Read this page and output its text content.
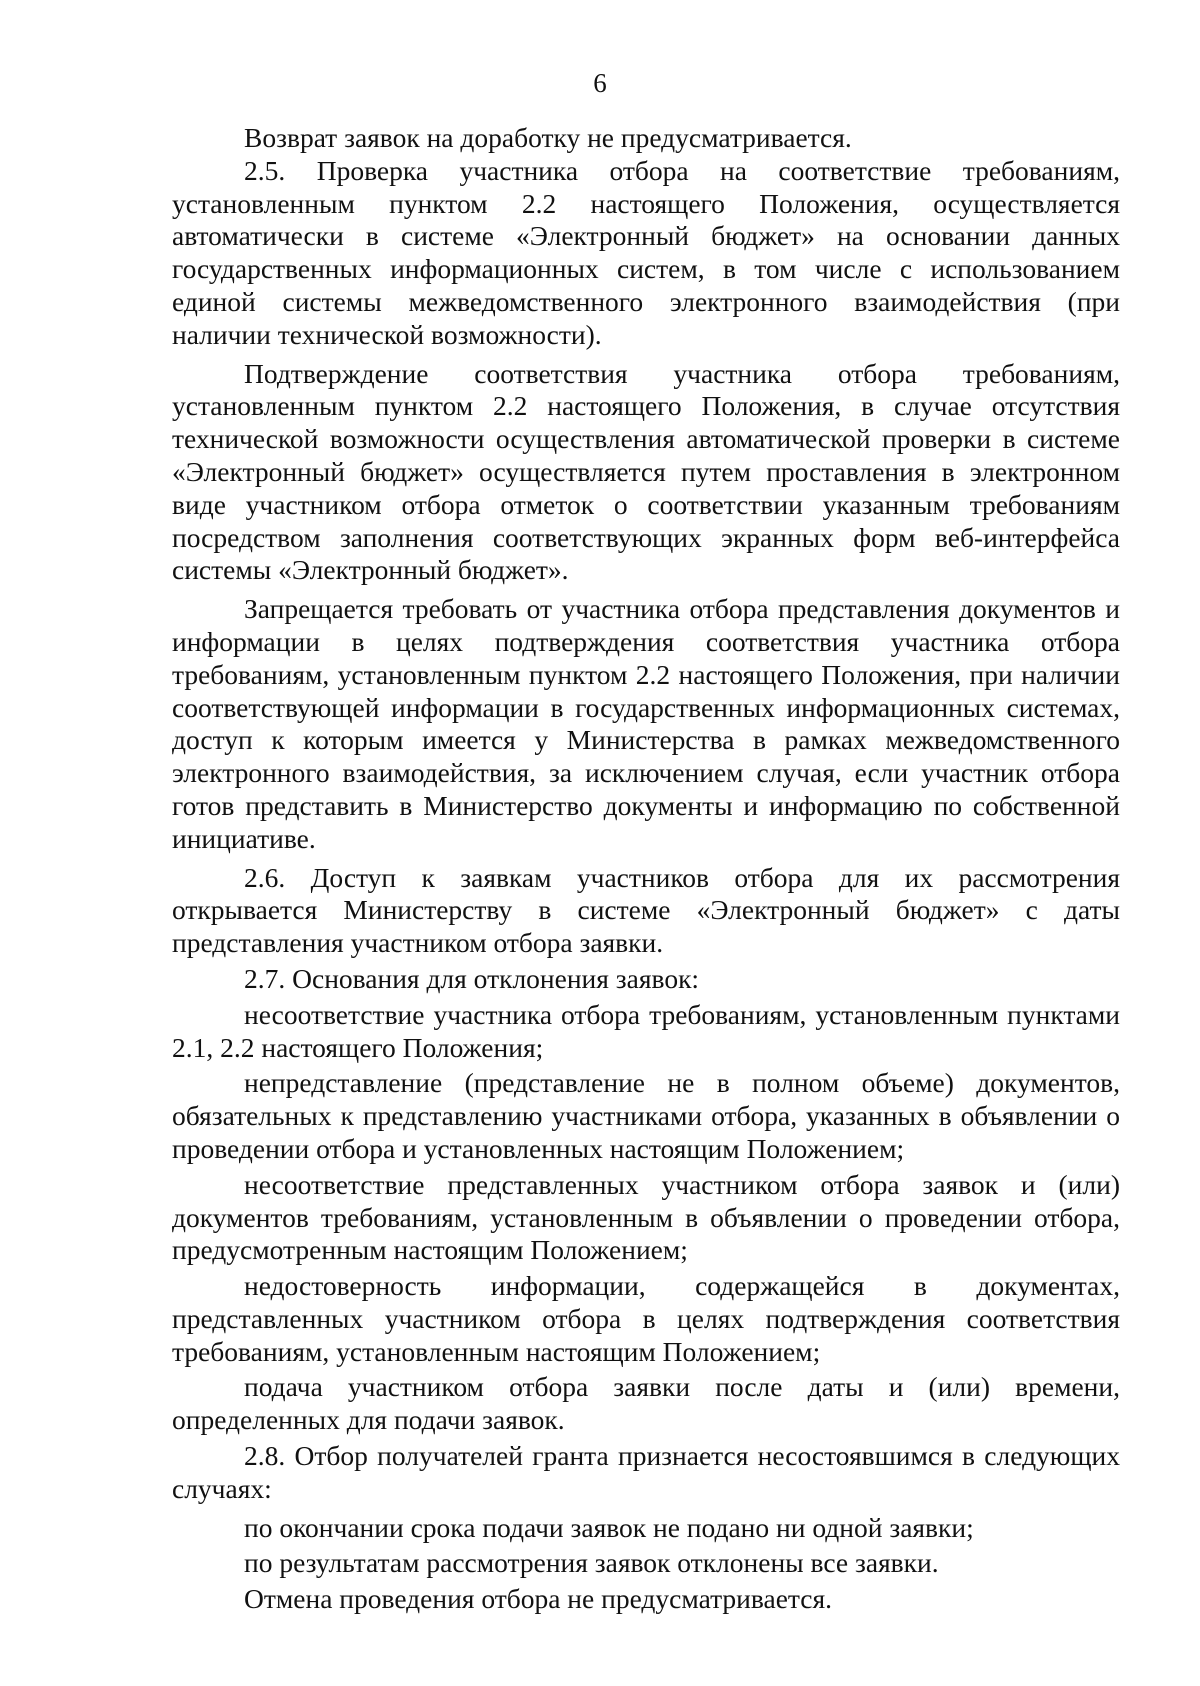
6

Возврат заявок на доработку не предусматривается.

2.5. Проверка участника отбора на соответствие требованиям, установленным пунктом 2.2 настоящего Положения, осуществляется автоматически в системе «Электронный бюджет» на основании данных государственных информационных систем, в том числе с использованием единой системы межведомственного электронного взаимодействия (при наличии технической возможности).

Подтверждение соответствия участника отбора требованиям, установленным пунктом 2.2 настоящего Положения, в случае отсутствия технической возможности осуществления автоматической проверки в системе «Электронный бюджет» осуществляется путем проставления в электронном виде участником отбора отметок о соответствии указанным требованиям посредством заполнения соответствующих экранных форм веб-интерфейса системы «Электронный бюджет».

Запрещается требовать от участника отбора представления документов и информации в целях подтверждения соответствия участника отбора требованиям, установленным пунктом 2.2 настоящего Положения, при наличии соответствующей информации в государственных информационных системах, доступ к которым имеется у Министерства в рамках межведомственного электронного взаимодействия, за исключением случая, если участник отбора готов представить в Министерство документы и информацию по собственной инициативе.

2.6. Доступ к заявкам участников отбора для их рассмотрения открывается Министерству в системе «Электронный бюджет» с даты представления участником отбора заявки.

2.7. Основания для отклонения заявок:

несоответствие участника отбора требованиям, установленным пунктами 2.1, 2.2 настоящего Положения;

непредставление (представление не в полном объеме) документов, обязательных к представлению участниками отбора, указанных в объявлении о проведении отбора и установленных настоящим Положением;

несоответствие представленных участником отбора заявок и (или) документов требованиям, установленным в объявлении о проведении отбора, предусмотренным настоящим Положением;

недостоверность информации, содержащейся в документах, представленных участником отбора в целях подтверждения соответствия требованиям, установленным настоящим Положением;

подача участником отбора заявки после даты и (или) времени, определенных для подачи заявок.

2.8. Отбор получателей гранта признается несостоявшимся в следующих случаях:

по окончании срока подачи заявок не подано ни одной заявки;

по результатам рассмотрения заявок отклонены все заявки.

Отмена проведения отбора не предусматривается.
